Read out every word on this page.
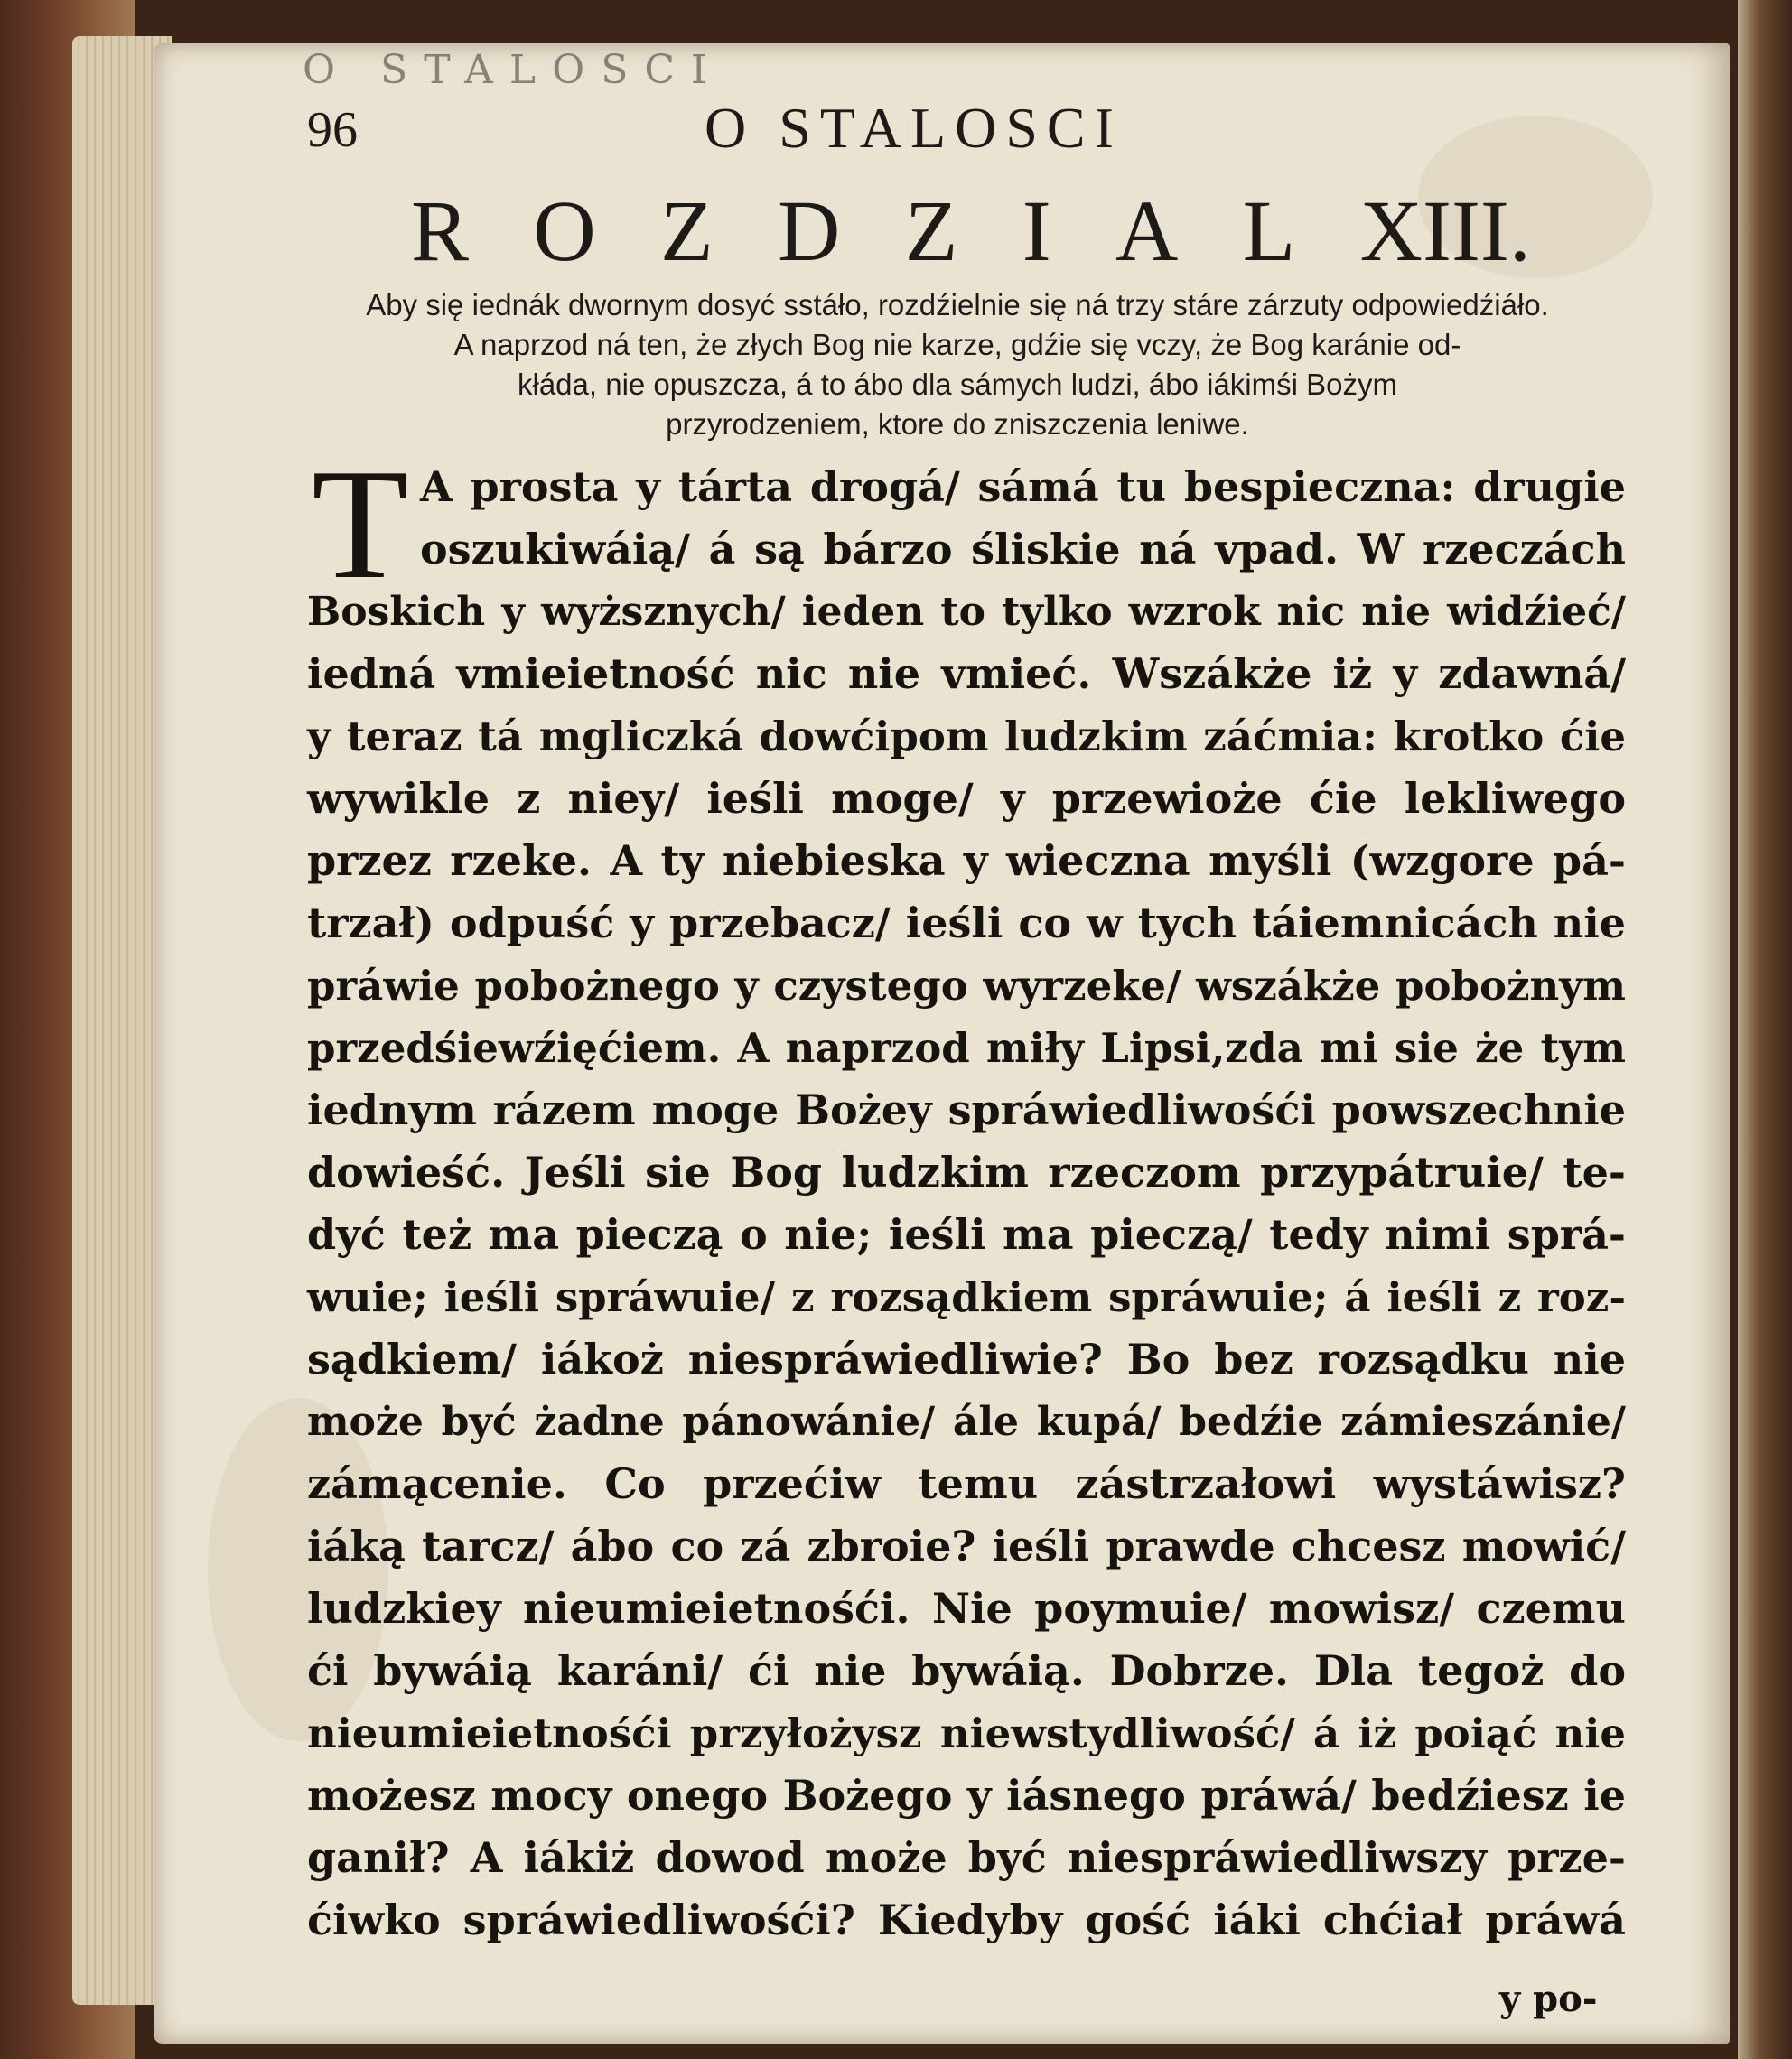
96	O STALOSCI
R O Z D Z I A L XIII.
Aby się iednák dwornym dosyć sstáło, rozdźielnie się ná trzy stáre zárzuty odpowiedźiáło.
A naprzod ná ten, że złych Bog nie karze, gdźie się vczy, że Bog karánie od-
kłáda, nie opuszcza, á to ábo dla sámych ludzi, ábo iákimśi Bożym
przyrodzeniem, ktore do zniszczenia leniwe.
T A prosta y tárta drogá/ sámá tu bespieczna: drugie
oszukiwáią/ á są bárzo śliskie ná vpad. W rzeczách
Boskich y wyższnych/ ieden to tylko wzrok nic nie widźieć/
iedná vmieietność nic nie vmieć. Wszákże iż y zdawná/
y teraz tá mgliczká dowćipom ludzkim záćmia: krotko ćie
wywikle z niey/ ieśli moge/ y przewioże ćie lekliwego
przez rzeke. A ty niebieska y wieczna myśli (wzgore pá-
trzał) odpuść y przebacz/ ieśli co w tych táiemnicách nie
práwie pobożnego y czystego wyrzeke/ wszákże pobożnym
przedśiewźięćiem. A naprzod miły Lipsi,zda mi sie że tym
iednym rázem moge Bożey spráwiedliwośći powszechnie
dowieść. Jeśli sie Bog ludzkim rzeczom przypátruie/ te-
dyć też ma pieczą o nie; ieśli ma pieczą/ tedy nimi sprá-
wuie; ieśli spráwuie/ z rozsądkiem spráwuie; á ieśli z roz-
sądkiem/ iákoż niespráwiedliwie? Bo bez rozsądku nie
może być żadne pánowánie/ ále kupá/ bedźie zámieszánie/
zámącenie. Co przećiw temu zástrzałowi wystáwisz?
iáką tarcz/ ábo co zá zbroie? ieśli prawde chcesz mowić/
ludzkiey nieumieietnośći. Nie poymuie/ mowisz/ czemu
ći bywáią karáni/ ći nie bywáią. Dobrze. Dla tegoż do
nieumieietnośći przyłożysz niewstydliwość/ á iż poiąć nie
możesz mocy onego Bożego y iásnego práwá/ bedźiesz ie
ganił? A iákiż dowod może być niespráwiedliwszy prze-
ćiwko spráwiedliwośći? Kiedyby gość iáki chćiał práwá
y po-
